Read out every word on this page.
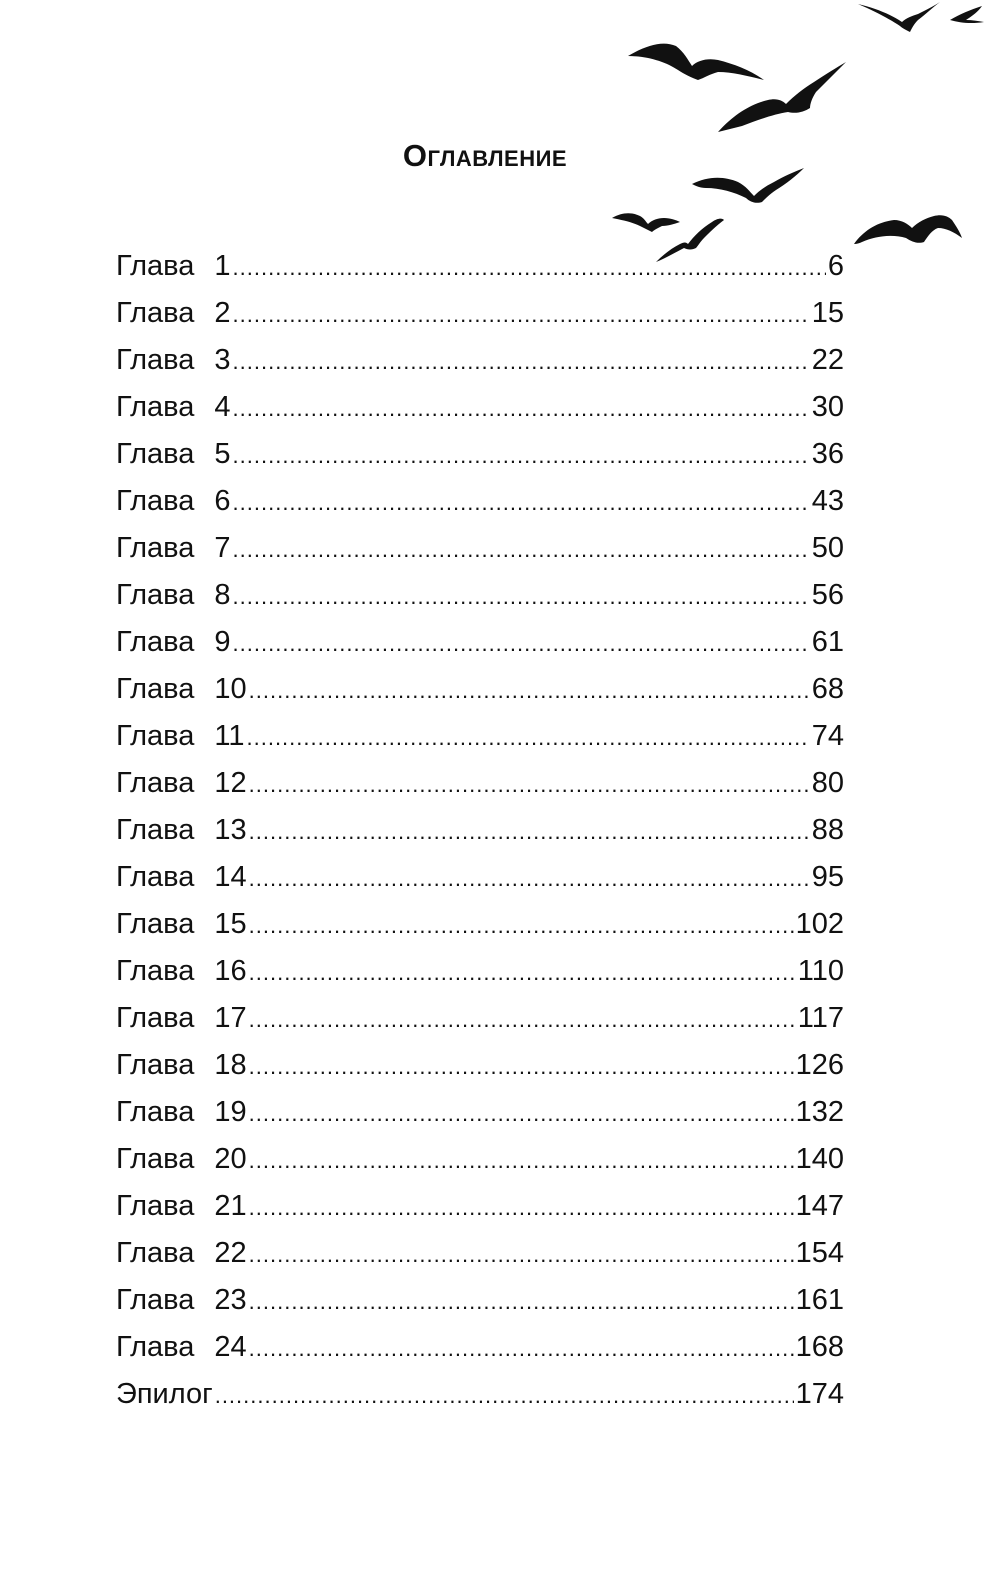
Оглавление
Глава 1 .....	6
Глава 2 .....	15
Глава 3 .....	22
Глава 4 .....	30
Глава 5 .....	36
Глава 6 .....	43
Глава 7 .....	50
Глава 8 .....	56
Глава 9 .....	61
Глава 10 .....	68
Глава 11 .....	74
Глава 12 .....	80
Глава 13 .....	88
Глава 14 .....	95
Глава 15 .....	102
Глава 16 .....	110
Глава 17 .....	117
Глава 18 .....	126
Глава 19 .....	132
Глава 20 .....	140
Глава 21 .....	147
Глава 22 .....	154
Глава 23 .....	161
Глава 24 .....	168
Эпилог .....	174
